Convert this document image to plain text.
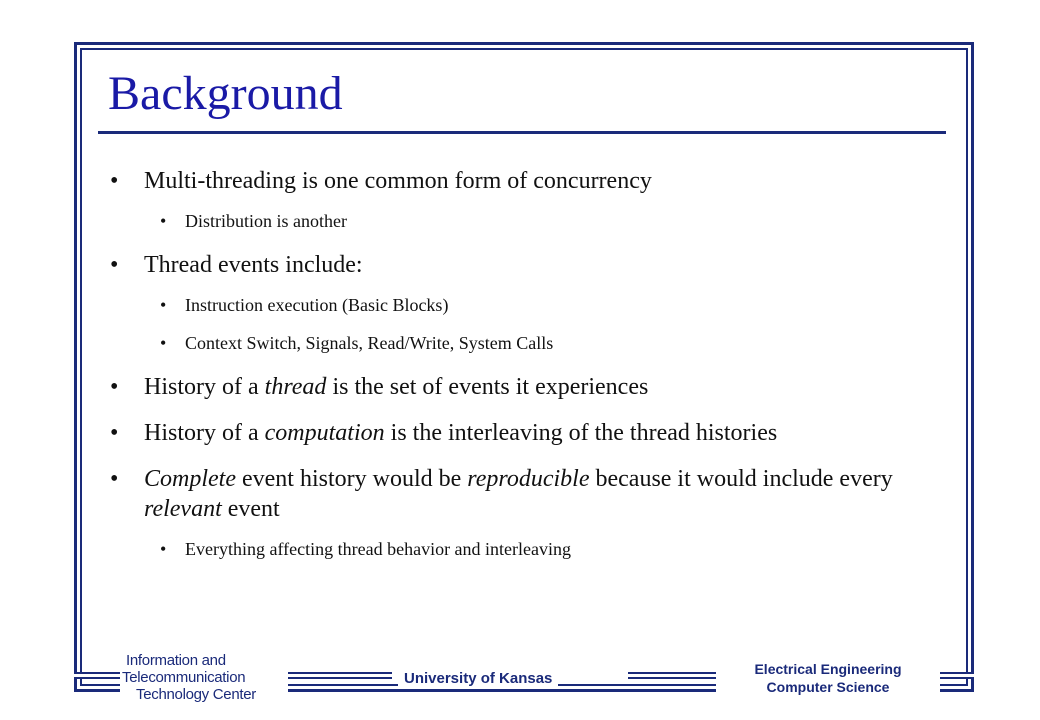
Background
• Multi-threading is one common form of concurrency
• Distribution is another
• Thread events include:
• Instruction execution (Basic Blocks)
• Context Switch, Signals, Read/Write, System Calls
• History of a thread is the set of events it experiences
• History of a computation is the interleaving of the thread histories
• Complete event history would be reproducible because it would include every relevant event
• Everything affecting thread behavior and interleaving
Information and
Telecommunication
Technology Center
University of Kansas
Electrical Engineering
Computer Science
